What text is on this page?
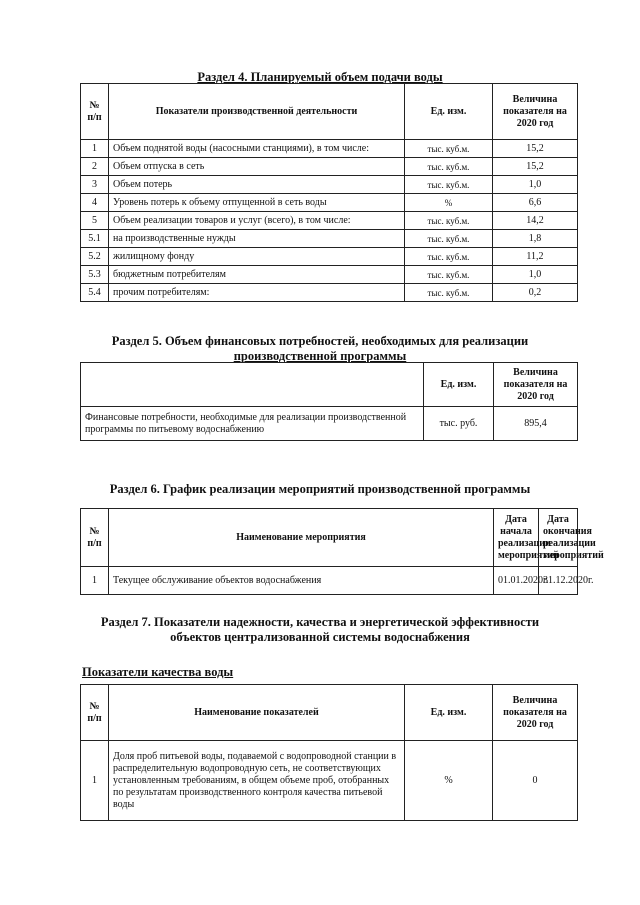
Раздел 4. Планируемый объем подачи воды
№ п/п	Показатели производственной деятельности	Ед. изм.	Величина показателя на 2020 год
1	Объем поднятой воды (насосными станциями), в том числе:	тыс. куб.м.	15,2
2	Объем отпуска в сеть	тыс. куб.м.	15,2
3	Объем потерь	тыс. куб.м.	1,0
4	Уровень потерь к объему отпущенной в сеть воды	%	6,6
5	Объем реализации товаров и услуг (всего), в том числе:	тыс. куб.м.	14,2
5.1	на производственные нужды	тыс. куб.м.	1,8
5.2	жилищному фонду	тыс. куб.м.	11,2
5.3	бюджетным потребителям	тыс. куб.м.	1,0
5.4	прочим потребителям:	тыс. куб.м.	0,2
Раздел 5. Объем финансовых потребностей, необходимых для реализации
производственной программы
	Ед. изм.	Величина показателя на 2020 год
Финансовые потребности, необходимые для реализации производственной программы по питьевому водоснабжению	тыс. руб.	895,4
Раздел 6. График реализации мероприятий производственной программы
№ п/п	Наименование мероприятия	Дата начала реализации мероприятий	Дата окончания реализации мероприятий
1	Текущее обслуживание объектов водоснабжения	01.01.2020г.	31.12.2020г.
Раздел 7. Показатели надежности, качества и энергетической эффективности
объектов централизованной системы водоснабжения
Показатели качества воды
№ п/п	Наименование показателей	Ед. изм.	Величина показателя на 2020 год
1	Доля проб питьевой воды, подаваемой с водопроводной станции в распределительную водопроводную сеть, не соответствующих установленным требованиям, в общем объеме проб, отобранных по результатам производственного контроля качества питьевой воды	%	0
